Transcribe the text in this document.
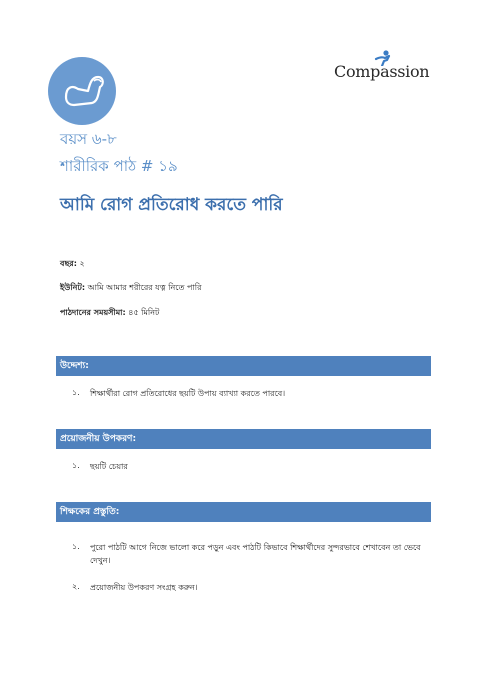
Compassion
বয়স ৬-৮
শারীরিক পাঠ # ১৯
আমি রোগ প্রতিরোধ করতে পারি
বছর: ২
ইউনিট: আমি আমার শরীরের যত্ন নিতে পারি
পাঠদানের সময়সীমা: ৪৫ মিনিট
উদ্দেশ্য:
১. শিক্ষার্থীরা রোগ প্রতিরোধের ছয়টি উপায় ব্যাখ্যা করতে পারবে।
প্রয়োজনীয় উপকরণ:
১. ছয়টি চেয়ার
শিক্ষকের প্রস্তুতি:
১. পুরো পাঠটি আগে নিজে ভালো করে পড়ুন এবং পাঠটি কিভাবে শিক্ষার্থীদের সুন্দরভাবে শেখাবেন তা ভেবে দেখুন।
২. প্রয়োজনীয় উপকরণ সংগ্রহ করুন।
